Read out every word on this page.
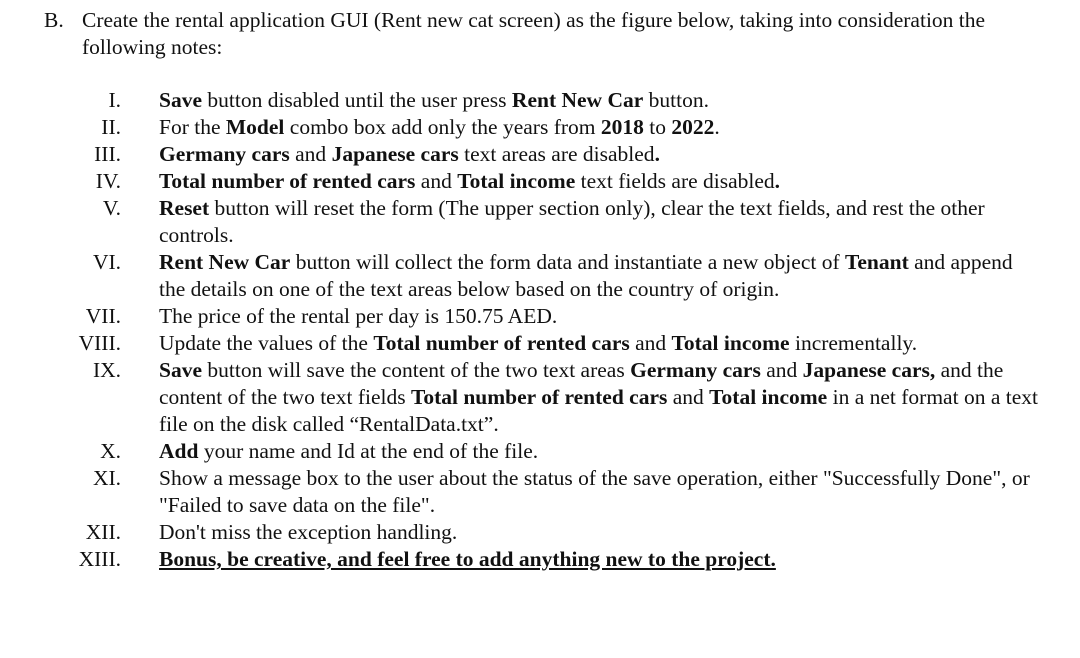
B. Create the rental application GUI (Rent new cat screen) as the figure below, taking into consideration the following notes:
I. Save button disabled until the user press Rent New Car button.
II. For the Model combo box add only the years from 2018 to 2022.
III. Germany cars and Japanese cars text areas are disabled.
IV. Total number of rented cars and Total income text fields are disabled.
V. Reset button will reset the form (The upper section only), clear the text fields, and rest the other controls.
VI. Rent New Car button will collect the form data and instantiate a new object of Tenant and append the details on one of the text areas below based on the country of origin.
VII. The price of the rental per day is 150.75 AED.
VIII. Update the values of the Total number of rented cars and Total income incrementally.
IX. Save button will save the content of the two text areas Germany cars and Japanese cars, and the content of the two text fields Total number of rented cars and Total income in a net format on a text file on the disk called “RentalData.txt”.
X. Add your name and Id at the end of the file.
XI. Show a message box to the user about the status of the save operation, either "Successfully Done", or "Failed to save data on the file".
XII. Don't miss the exception handling.
XIII. Bonus, be creative, and feel free to add anything new to the project.
